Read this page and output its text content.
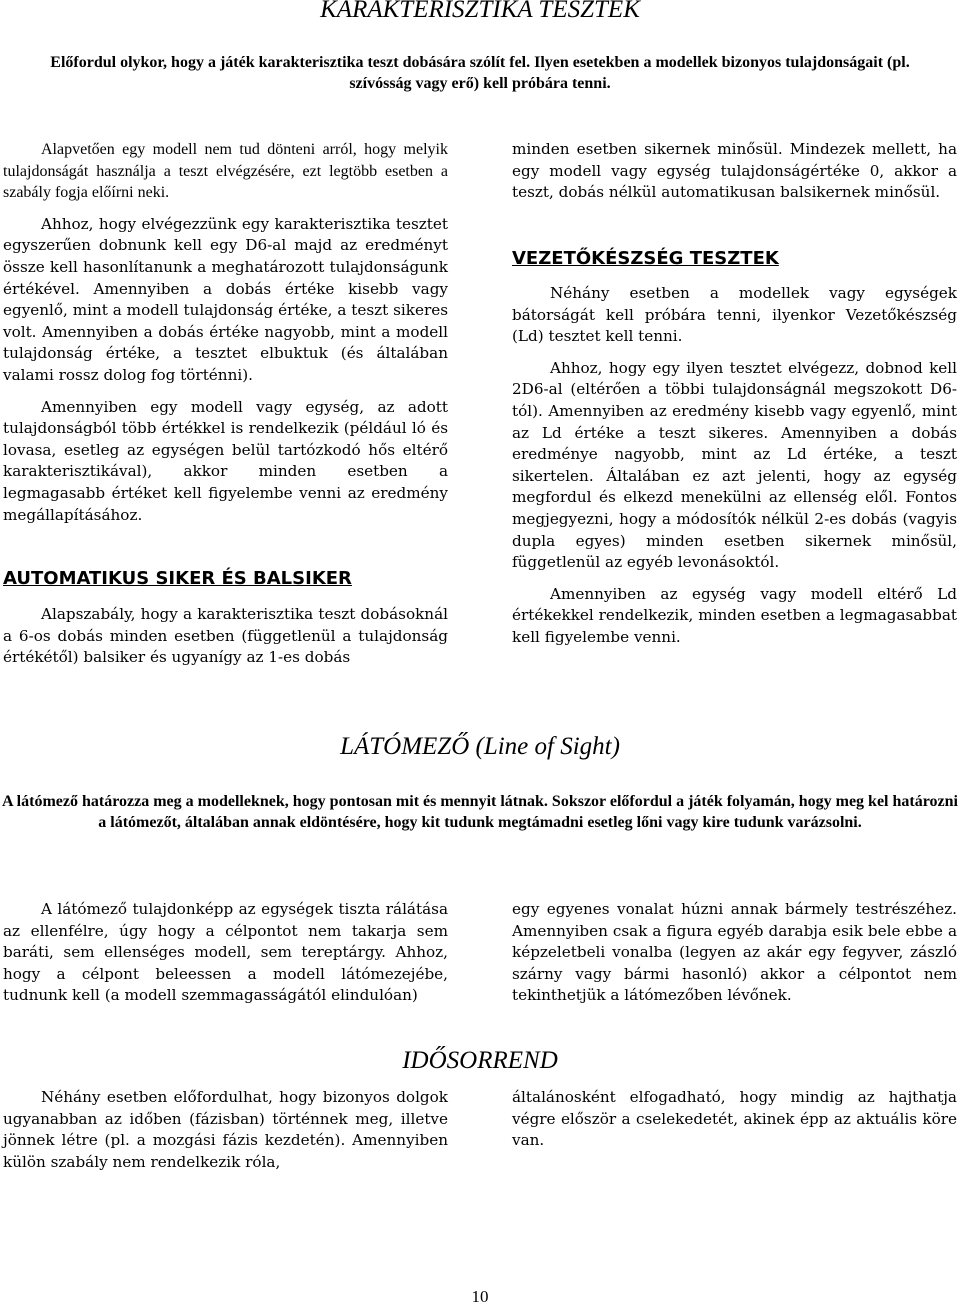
KARAKTERISZTIKA TESZTEK
Előfordul olykor, hogy a játék karakterisztika teszt dobására szólít fel. Ilyen esetekben a modellek bizonyos tulajdonságait (pl. szívósság vagy erő) kell próbára tenni.

Alapvetően egy modell nem tud dönteni arról, hogy melyik tulajdonságát használja a teszt elvégzésére, ezt legtöbb esetben a szabály fogja előírni neki.

Ahhoz, hogy elvégezzünk egy karakterisztika tesztet egyszerűen dobnunk kell egy D6-al majd az eredményt össze kell hasonlítanunk a meghatározott tulajdonságunk értékével. Amennyiben a dobás értéke kisebb vagy egyenlő, mint a modell tulajdonság értéke, a teszt sikeres volt. Amennyiben a dobás értéke nagyobb, mint a modell tulajdonság értéke, a tesztet elbuktuk (és általában valami rossz dolog fog történni).

Amennyiben egy modell vagy egység, az adott tulajdonságból több értékkel is rendelkezik (például ló és lovasa, esetleg az egységen belül tartózkodó hős eltérő karakterisztikával), akkor minden esetben a legmagasabb értéket kell figyelembe venni az eredmény megállapításához.

AUTOMATIKUS SIKER ÉS BALSIKER

Alapszabály, hogy a karakterisztika teszt dobásoknál a 6-os dobás minden esetben (függetlenül a tulajdonság értékétől) balsiker és ugyanígy az 1-es dobás

minden esetben sikernek minősül. Mindezek mellett, ha egy modell vagy egység tulajdonságértéke 0, akkor a teszt, dobás nélkül automatikusan balsikernek minősül.

VEZETŐKÉSZSÉG TESZTEK

Néhány esetben a modellek vagy egységek bátorságát kell próbára tenni, ilyenkor Vezetőkészség (Ld) tesztet kell tenni.

Ahhoz, hogy egy ilyen tesztet elvégezz, dobnod kell 2D6-al (eltérően a többi tulajdonságnál megszokott D6-tól). Amennyiben az eredmény kisebb vagy egyenlő, mint az Ld értéke a teszt sikeres. Amennyiben a dobás eredménye nagyobb, mint az Ld értéke, a teszt sikertelen. Általában ez azt jelenti, hogy az egység megfordul és elkezd menekülni az ellenség elől. Fontos megjegyezni, hogy a módosítók nélkül 2-es dobás (vagyis dupla egyes) minden esetben sikernek minősül, függetlenül az egyéb levonásoktól.

Amennyiben az egység vagy modell eltérő Ld értékekkel rendelkezik, minden esetben a legmagasabbat kell figyelembe venni.

LÁTÓMEZŐ (Line of Sight)
A látómező határozza meg a modelleknek, hogy pontosan mit és mennyit látnak. Sokszor előfordul a játék folyamán, hogy meg kel határozni a látómezőt, általában annak eldöntésére, hogy kit tudunk megtámadni esetleg lőni vagy kire tudunk varázsolni.

A látómező tulajdonképp az egységek tiszta rálátása az ellenfélre, úgy hogy a célpontot nem takarja sem baráti, sem ellenséges modell, sem tereptárgy. Ahhoz, hogy a célpont beleessen a modell látómezejébe, tudnunk kell (a modell szemmagasságától elindulóan)

egy egyenes vonalat húzni annak bármely testrészéhez. Amennyiben csak a figura egyéb darabja esik bele ebbe a képzeletbeli vonalba (legyen az akár egy fegyver, zászló szárny vagy bármi hasonló) akkor a célpontot nem tekinthetjük a látómezőben lévőnek.

IDŐSORREND

Néhány esetben előfordulhat, hogy bizonyos dolgok ugyanabban az időben (fázisban) történnek meg, illetve jönnek létre (pl. a mozgási fázis kezdetén). Amennyiben külön szabály nem rendelkezik róla,

általánosként elfogadható, hogy mindig az hajthatja végre először a cselekedetét, akinek épp az aktuális köre van.

10
